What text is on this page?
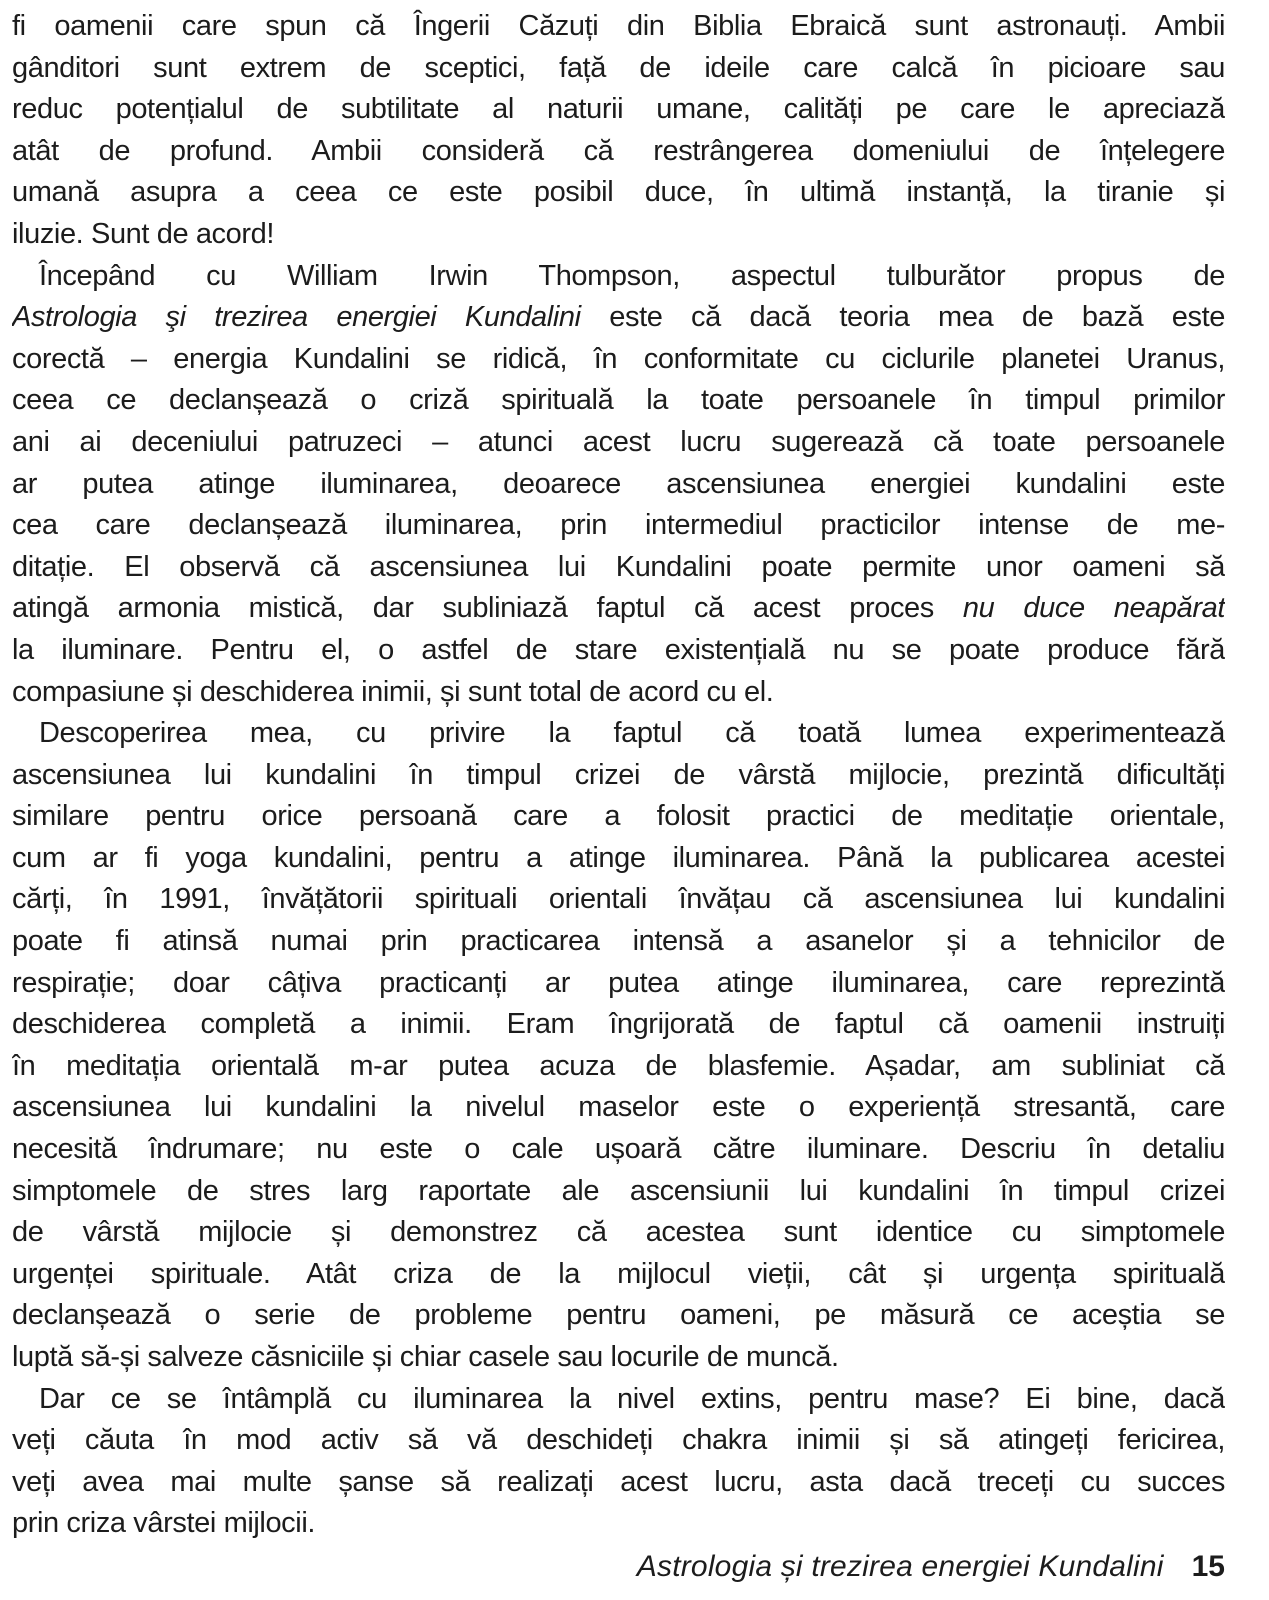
fi oamenii care spun că Îngerii Căzuți din Biblia Ebraică sunt astronauți. Ambii
gânditori sunt extrem de sceptici, față de ideile care calcă în picioare sau
reduc potențialul de subtilitate al naturii umane, calități pe care le apreciază
atât de profund. Ambii consideră că restrângerea domeniului de înțelegere
umană asupra a ceea ce este posibil duce, în ultimă instanță, la tiranie și
iluzie. Sunt de acord!
Începând cu William Irwin Thompson, aspectul tulburător propus de
Astrologia şi trezirea energiei Kundalini este că dacă teoria mea de bază este
corectă – energia Kundalini se ridică, în conformitate cu ciclurile planetei Uranus,
ceea ce declanșează o criză spirituală la toate persoanele în timpul primilor
ani ai deceniului patruzeci – atunci acest lucru sugerează că toate persoanele
ar putea atinge iluminarea, deoarece ascensiunea energiei kundalini este
cea care declanșează iluminarea, prin intermediul practicilor intense de me-
ditație. El observă că ascensiunea lui Kundalini poate permite unor oameni să
atingă armonia mistică, dar subliniază faptul că acest proces nu duce neapărat
la iluminare. Pentru el, o astfel de stare existențială nu se poate produce fără
compasiune și deschiderea inimii, și sunt total de acord cu el.
Descoperirea mea, cu privire la faptul că toată lumea experimentează
ascensiunea lui kundalini în timpul crizei de vârstă mijlocie, prezintă dificultăți
similare pentru orice persoană care a folosit practici de meditație orientale,
cum ar fi yoga kundalini, pentru a atinge iluminarea. Până la publicarea acestei
cărți, în 1991, învățătorii spirituali orientali învățau că ascensiunea lui kundalini
poate fi atinsă numai prin practicarea intensă a asanelor și a tehnicilor de
respirație; doar câțiva practicanți ar putea atinge iluminarea, care reprezintă
deschiderea completă a inimii. Eram îngrijorată de faptul că oamenii instruiți
în meditația orientală m-ar putea acuza de blasfemie. Așadar, am subliniat că
ascensiunea lui kundalini la nivelul maselor este o experiență stresantă, care
necesită îndrumare; nu este o cale ușoară către iluminare. Descriu în detaliu
simptomele de stres larg raportate ale ascensiunii lui kundalini în timpul crizei
de vârstă mijlocie și demonstrez că acestea sunt identice cu simptomele
urgenței spirituale. Atât criza de la mijlocul vieții, cât și urgența spirituală
declanșează o serie de probleme pentru oameni, pe măsură ce aceștia se
luptă să-și salveze căsniciile și chiar casele sau locurile de muncă.
Dar ce se întâmplă cu iluminarea la nivel extins, pentru mase? Ei bine, dacă
veți căuta în mod activ să vă deschideți chakra inimii și să atingeți fericirea,
veți avea mai multe șanse să realizați acest lucru, asta dacă treceți cu succes
prin criza vârstei mijlocii.
Astrologia și trezirea energiei Kundalini 15
